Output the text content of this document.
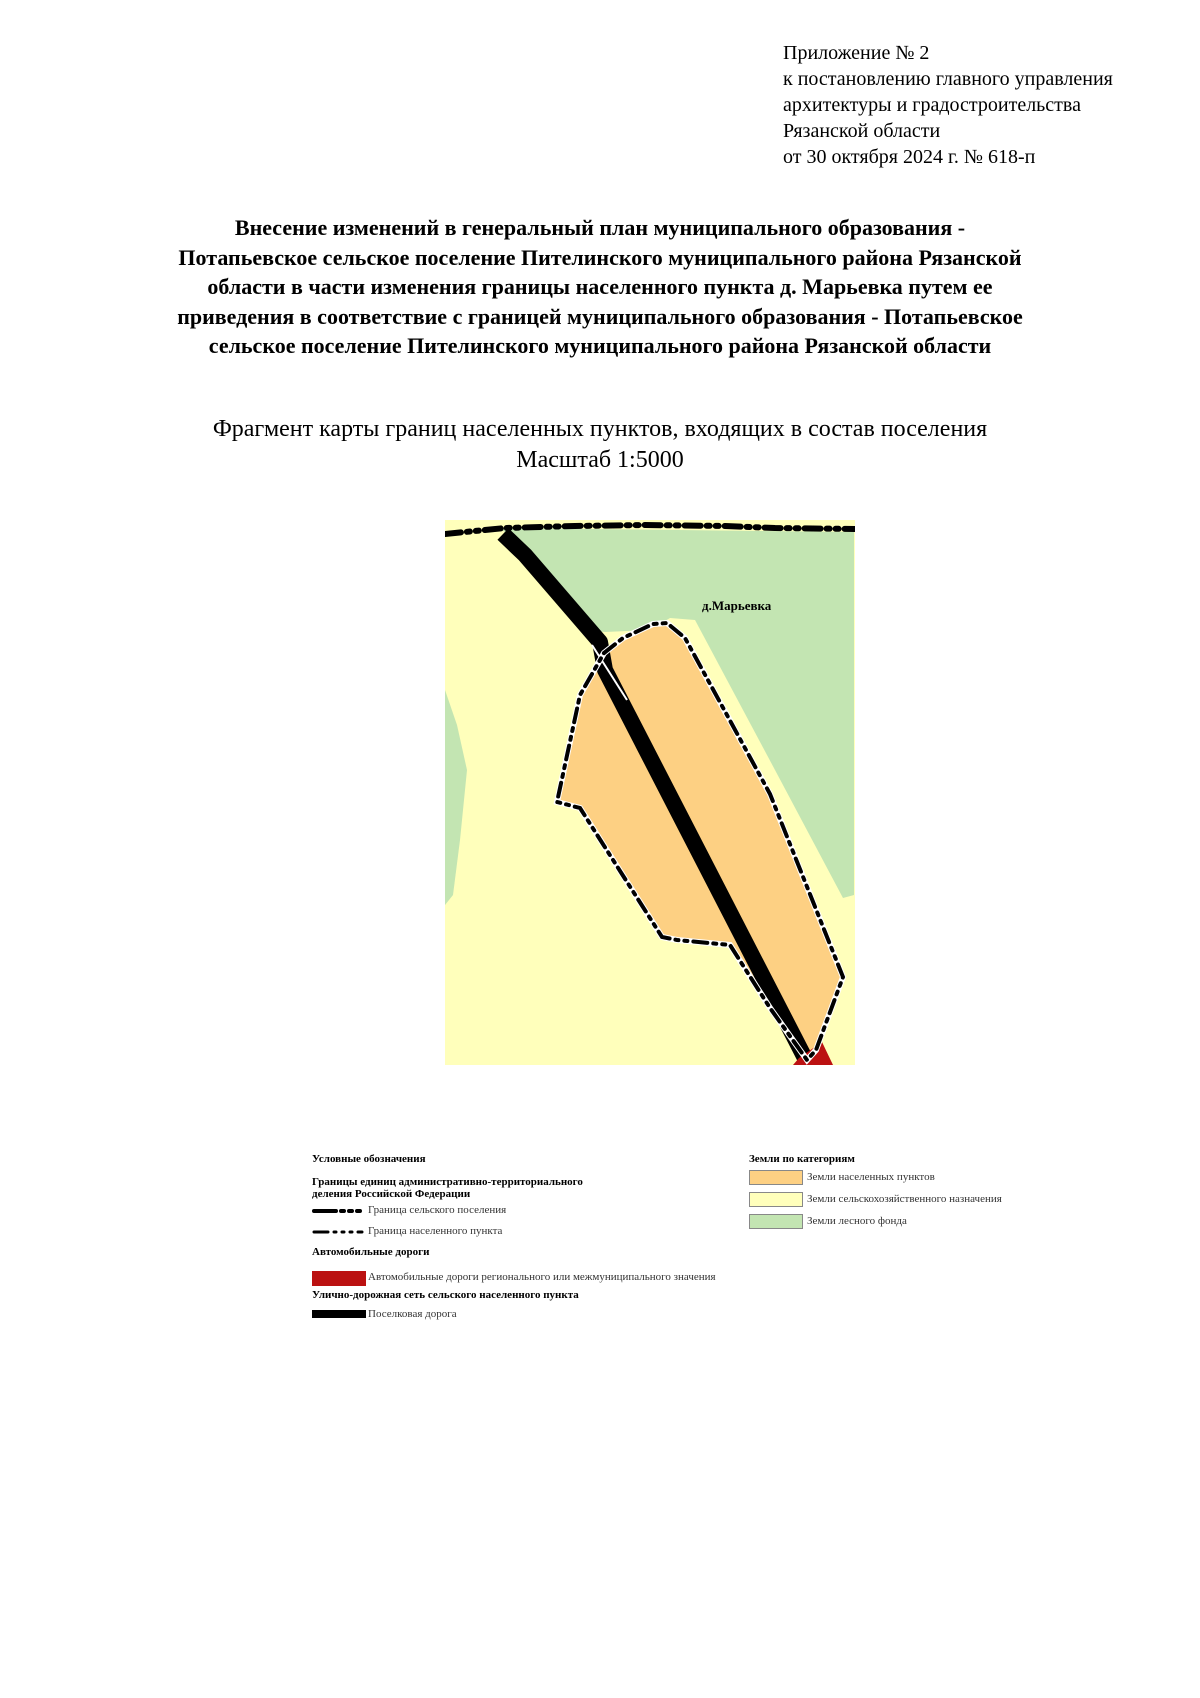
Приложение № 2
к постановлению главного управления
архитектуры и градостроительства
Рязанской области
от 30 октября 2024 г. № 618-п
Внесение изменений в генеральный план муниципального образования -
Потапьевское сельское поселение Пителинского муниципального района Рязанской
области в части изменения границы населенного пункта д. Марьевка путем ее
приведения в соответствие с границей муниципального образования - Потапьевское
сельское поселение Пителинского муниципального района Рязанской области
Фрагмент карты границ населенных пунктов, входящих в состав поселения
Масштаб 1:5000
д.Марьевка
Условные обозначения
Границы единиц административно-территориального
деления Российской Федерации
Граница сельского поселения
Граница населенного пункта
Автомобильные дороги
Автомобильные дороги регионального или межмуниципального значения
Улично-дорожная сеть сельского населенного пункта
Поселковая дорога
Земли по категориям
Земли населенных пунктов
Земли сельскохозяйственного назначения
Земли лесного фонда
